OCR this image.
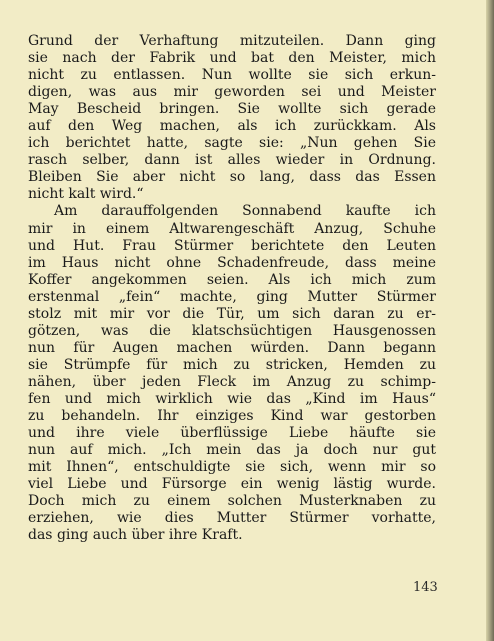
Grund der Verhaftung mitzuteilen. Dann ging
sie nach der Fabrik und bat den Meister, mich
nicht zu entlassen. Nun wollte sie sich erkun-
digen, was aus mir geworden sei und Meister
May Bescheid bringen. Sie wollte sich gerade
auf den Weg machen, als ich zurückkam. Als
ich berichtet hatte, sagte sie: „Nun gehen Sie
rasch selber, dann ist alles wieder in Ordnung.
Bleiben Sie aber nicht so lang, dass das Essen
nicht kalt wird.“
Am darauffolgenden Sonnabend kaufte ich
mir in einem Altwarengeschäft Anzug, Schuhe
und Hut. Frau Stürmer berichtete den Leuten
im Haus nicht ohne Schadenfreude, dass meine
Koffer angekommen seien. Als ich mich zum
erstenmal „fein“ machte, ging Mutter Stürmer
stolz mit mir vor die Tür, um sich daran zu er-
götzen, was die klatschsüchtigen Hausgenossen
nun für Augen machen würden. Dann begann
sie Strümpfe für mich zu stricken, Hemden zu
nähen, über jeden Fleck im Anzug zu schimp-
fen und mich wirklich wie das „Kind im Haus“
zu behandeln. Ihr einziges Kind war gestorben
und ihre viele überflüssige Liebe häufte sie
nun auf mich. „Ich mein das ja doch nur gut
mit Ihnen“, entschuldigte sie sich, wenn mir so
viel Liebe und Fürsorge ein wenig lästig wurde.
Doch mich zu einem solchen Musterknaben zu
erziehen, wie dies Mutter Stürmer vorhatte,
das ging auch über ihre Kraft.
143
